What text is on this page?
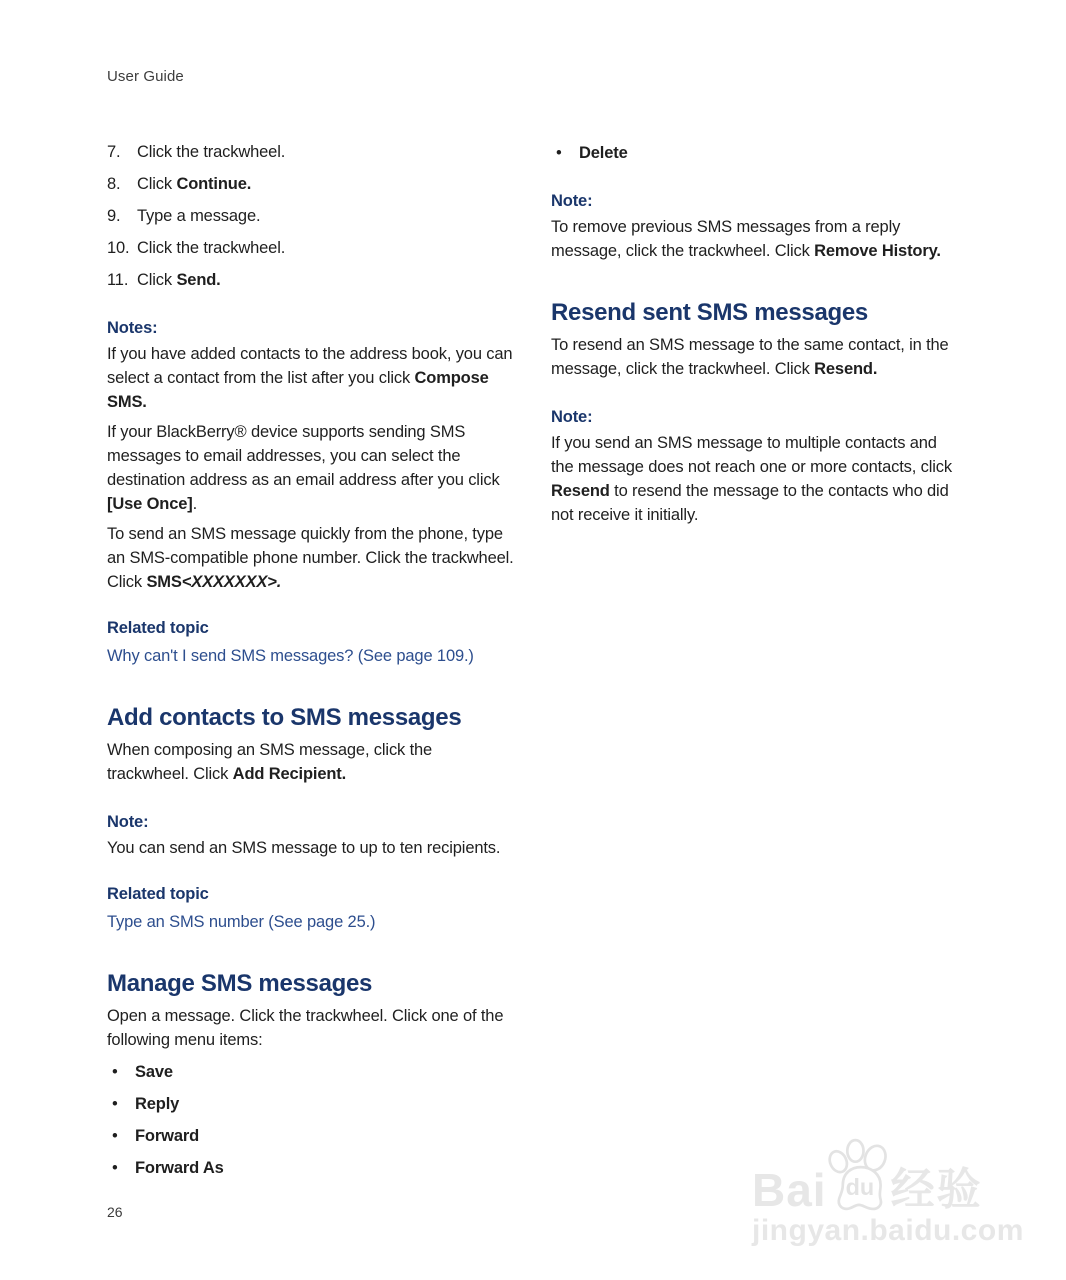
User Guide
7.	Click the trackwheel.
8.	Click Continue.
9.	Type a message.
10. Click the trackwheel.
11. Click Send.
Notes:

If you have added contacts to the address book, you can select a contact from the list after you click Compose SMS.

If your BlackBerry® device supports sending SMS messages to email addresses, you can select the destination address as an email address after you click [Use Once].

To send an SMS message quickly from the phone, type an SMS-compatible phone number. Click the trackwheel. Click SMS<XXXXXXX>.

Related topic
Why can't I send SMS messages? (See page 109.)
Add contacts to SMS messages

When composing an SMS message, click the trackwheel. Click Add Recipient.

Note:

You can send an SMS message to up to ten recipients.

Related topic
Type an SMS number (See page 25.)
Manage SMS messages

Open a message. Click the trackwheel. Click one of the following menu items:

•	Save
•	Reply
•	Forward
•	Forward As
•	Delete
Note:

To remove previous SMS messages from a reply message, click the trackwheel. Click Remove History.

Resend sent SMS messages

To resend an SMS message to the same contact, in the message, click the trackwheel. Click Resend.

Note:

If you send an SMS message to multiple contacts and the message does not reach one or more contacts, click Resend to resend the message to the contacts who did not receive it initially.

26	Bai du 经验
jingyan.baidu.com
